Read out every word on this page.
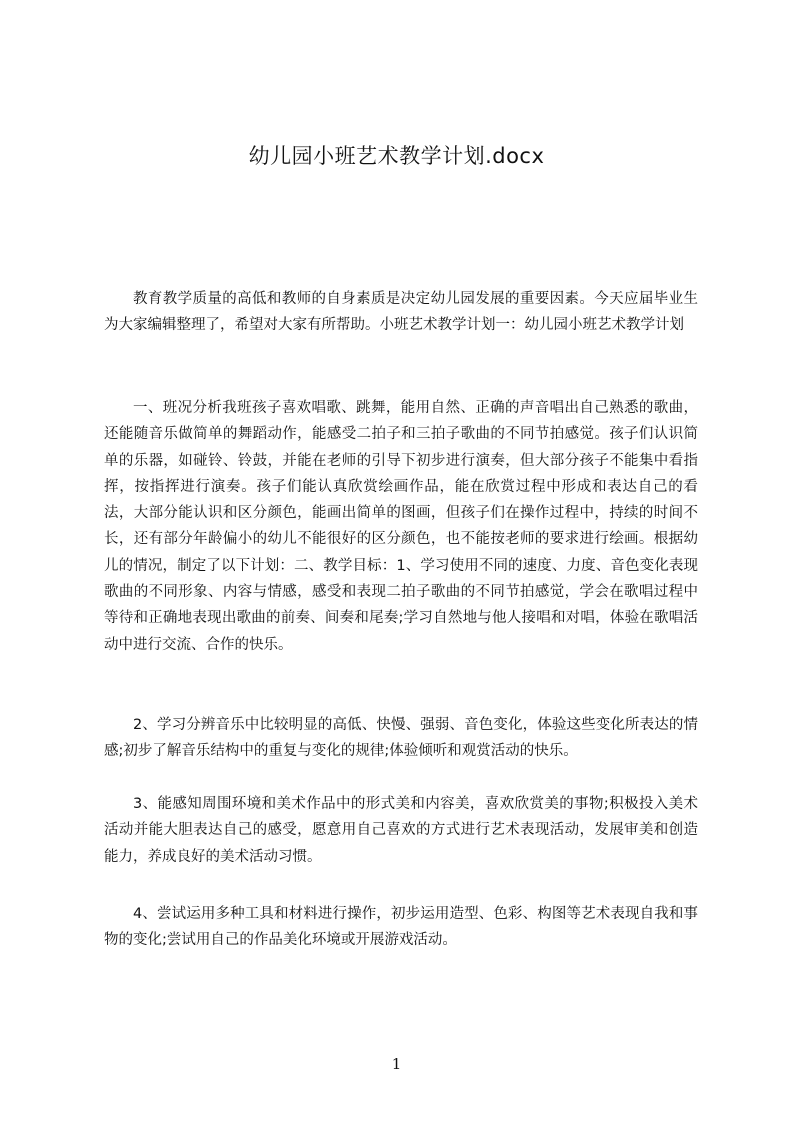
幼儿园小班艺术教学计划.docx
教育教学质量的高低和教师的自身素质是决定幼儿园发展的重要因素。今天应届毕业生为大家编辑整理了，希望对大家有所帮助。小班艺术教学计划一：幼儿园小班艺术教学计划
一、班况分析我班孩子喜欢唱歌、跳舞，能用自然、正确的声音唱出自己熟悉的歌曲，还能随音乐做简单的舞蹈动作，能感受二拍子和三拍子歌曲的不同节拍感觉。孩子们认识简单的乐器，如碰铃、铃鼓，并能在老师的引导下初步进行演奏，但大部分孩子不能集中看指挥，按指挥进行演奏。孩子们能认真欣赏绘画作品，能在欣赏过程中形成和表达自己的看法，大部分能认识和区分颜色，能画出简单的图画，但孩子们在操作过程中，持续的时间不长，还有部分年龄偏小的幼儿不能很好的区分颜色，也不能按老师的要求进行绘画。根据幼儿的情况，制定了以下计划：二、教学目标：1、学习使用不同的速度、力度、音色变化表现歌曲的不同形象、内容与情感，感受和表现二拍子歌曲的不同节拍感觉，学会在歌唱过程中等待和正确地表现出歌曲的前奏、间奏和尾奏;学习自然地与他人接唱和对唱，体验在歌唱活动中进行交流、合作的快乐。
2、学习分辨音乐中比较明显的高低、快慢、强弱、音色变化，体验这些变化所表达的情感;初步了解音乐结构中的重复与变化的规律;体验倾听和观赏活动的快乐。
3、能感知周围环境和美术作品中的形式美和内容美，喜欢欣赏美的事物;积极投入美术活动并能大胆表达自己的感受，愿意用自己喜欢的方式进行艺术表现活动，发展审美和创造能力，养成良好的美术活动习惯。
4、尝试运用多种工具和材料进行操作，初步运用造型、色彩、构图等艺术表现自我和事物的变化;尝试用自己的作品美化环境或开展游戏活动。
1
